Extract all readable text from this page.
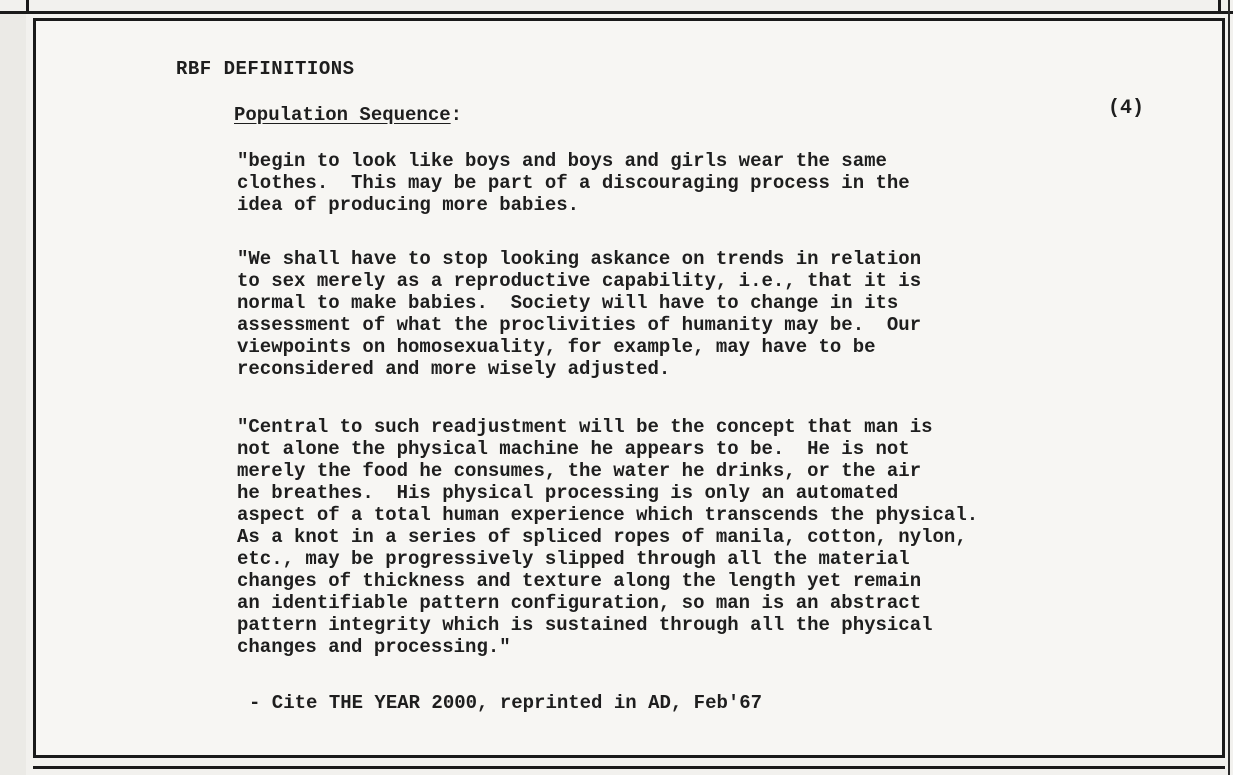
RBF DEFINITIONS
Population Sequence:	(4)

"begin to look like boys and boys and girls wear the same
clothes.  This may be part of a discouraging process in the
idea of producing more babies.

"We shall have to stop looking askance on trends in relation
to sex merely as a reproductive capability, i.e., that it is
normal to make babies.  Society will have to change in its
assessment of what the proclivities of humanity may be.  Our
viewpoints on homosexuality, for example, may have to be
reconsidered and more wisely adjusted.

"Central to such readjustment will be the concept that man is
not alone the physical machine he appears to be.  He is not
merely the food he consumes, the water he drinks, or the air
he breathes.  His physical processing is only an automated
aspect of a total human experience which transcends the physical.
As a knot in a series of spliced ropes of manila, cotton, nylon,
etc., may be progressively slipped through all the material
changes of thickness and texture along the length yet remain
an identifiable pattern configuration, so man is an abstract
pattern integrity which is sustained through all the physical
changes and processing."

- Cite THE YEAR 2000, reprinted in AD, Feb'67
